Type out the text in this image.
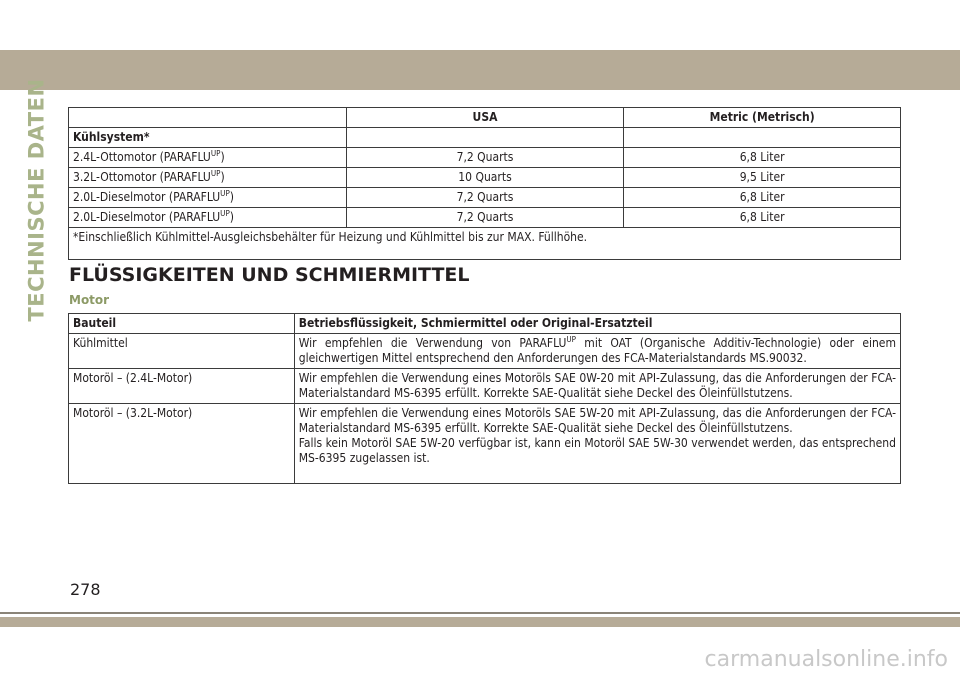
TECHNISCHE DATEN
		USA	Metric (Metrisch)
Kühlsystem*		
2.4L-Ottomotor $(PARAFLU^{UP})$	7,2 Quarts	6,8 Liter
3.2L-Ottomotor $(PARAFLU^{UP})$	10 Quarts	9,5 Liter
2.0L-Dieselmotor $(PARAFLU^{UP})$	7,2 Quarts	6,8 Liter
2.0L-Dieselmotor $(PARAFLU^{UP})$	7,2 Quarts	6,8 Liter
*Einschließlich Kühlmittel-Ausgleichsbehälter für Heizung und Kühlmittel bis zur MAX. Füllhöhe.		
FLÜSSIGKEITEN UND SCHMIERMITTEL
Motor
Bauteil	Betriebsflüssigkeit, Schmiermittel oder Original-Ersatzteil
Kühlmittel	Wir empfehlen die Verwendung von $PARAFLU^{UP}$ mit OAT (Organische Additiv-Technologie) oder einem gleichwertigen Mittel entsprechend den Anforderungen des FCA-Materialstandards MS.90032.
Motoröl – (2.4L-Motor)	Wir empfehlen die Verwendung eines Motoröls SAE 0W-20 mit API-Zulassung, das die Anforderungen der FCA-Materialstandard MS-6395 erfüllt. Korrekte SAE-Qualität siehe Deckel des Öleinfüllstutzens.
Motoröl – (3.2L-Motor)	Wir empfehlen die Verwendung eines Motoröls SAE 5W-20 mit API-Zulassung, das die Anforderungen der FCA-Materialstandard MS-6395 erfüllt. Korrekte SAE-Qualität siehe Deckel des Öleinfüllstutzens.
Falls kein Motoröl SAE 5W-20 verfügbar ist, kann ein Motoröl SAE 5W-30 verwendet werden, das entsprechend MS-6395 zugelassen ist.
278
carmanualsonline.info
